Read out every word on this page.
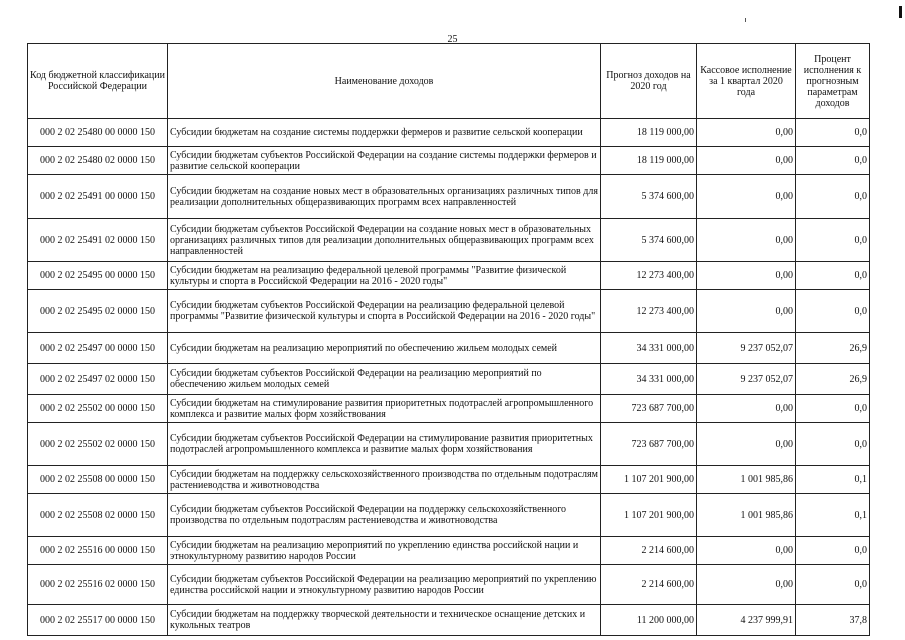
25
Код бюджетной классификации Российской Федерации	Наименование доходов	Прогноз доходов на 2020 год	Кассовое исполнение за 1 квартал 2020 года	Процент исполнения к прогнозным параметрам доходов
000 2 02 25480 00 0000 150	Субсидии бюджетам на создание системы поддержки фермеров и развитие сельской кооперации	18 119 000,00	0,00	0,0
000 2 02 25480 02 0000 150	Субсидии бюджетам субъектов Российской Федерации на создание системы поддержки фермеров и развитие сельской кооперации	18 119 000,00	0,00	0,0
000 2 02 25491 00 0000 150	Субсидии бюджетам на создание новых мест в образовательных организациях различных типов для реализации дополнительных общеразвивающих программ всех направленностей	5 374 600,00	0,00	0,0
000 2 02 25491 02 0000 150	Субсидии бюджетам субъектов Российской Федерации на создание новых мест в образовательных организациях различных типов для реализации дополнительных общеразвивающих программ всех направленностей	5 374 600,00	0,00	0,0
000 2 02 25495 00 0000 150	Субсидии бюджетам на реализацию федеральной целевой программы "Развитие физической культуры и спорта в Российской Федерации на 2016 - 2020 годы"	12 273 400,00	0,00	0,0
000 2 02 25495 02 0000 150	Субсидии бюджетам субъектов Российской Федерации на реализацию федеральной целевой программы "Развитие физической культуры и спорта в Российской Федерации на 2016 - 2020 годы"	12 273 400,00	0,00	0,0
000 2 02 25497 00 0000 150	Субсидии бюджетам на реализацию мероприятий по обеспечению жильем молодых семей	34 331 000,00	9 237 052,07	26,9
000 2 02 25497 02 0000 150	Субсидии бюджетам субъектов Российской Федерации на реализацию мероприятий по обеспечению жильем молодых семей	34 331 000,00	9 237 052,07	26,9
000 2 02 25502 00 0000 150	Субсидии бюджетам на стимулирование развития приоритетных подотраслей агропромышленного комплекса и развитие малых форм хозяйствования	723 687 700,00	0,00	0,0
000 2 02 25502 02 0000 150	Субсидии бюджетам субъектов Российской Федерации на стимулирование развития приоритетных подотраслей агропромышленного комплекса и развитие малых форм хозяйствования	723 687 700,00	0,00	0,0
000 2 02 25508 00 0000 150	Субсидии бюджетам на поддержку сельскохозяйственного производства по отдельным подотраслям растениеводства и животноводства	1 107 201 900,00	1 001 985,86	0,1
000 2 02 25508 02 0000 150	Субсидии бюджетам субъектов Российской Федерации на поддержку сельскохозяйственного производства по отдельным подотраслям растениеводства и животноводства	1 107 201 900,00	1 001 985,86	0,1
000 2 02 25516 00 0000 150	Субсидии бюджетам на реализацию мероприятий по укреплению единства российской нации и этнокультурному развитию народов России	2 214 600,00	0,00	0,0
000 2 02 25516 02 0000 150	Субсидии бюджетам субъектов Российской Федерации на реализацию мероприятий по укреплению единства российской нации и этнокультурному развитию народов России	2 214 600,00	0,00	0,0
000 2 02 25517 00 0000 150	Субсидии бюджетам на поддержку творческой деятельности и техническое оснащение детских и кукольных театров	11 200 000,00	4 237 999,91	37,8
